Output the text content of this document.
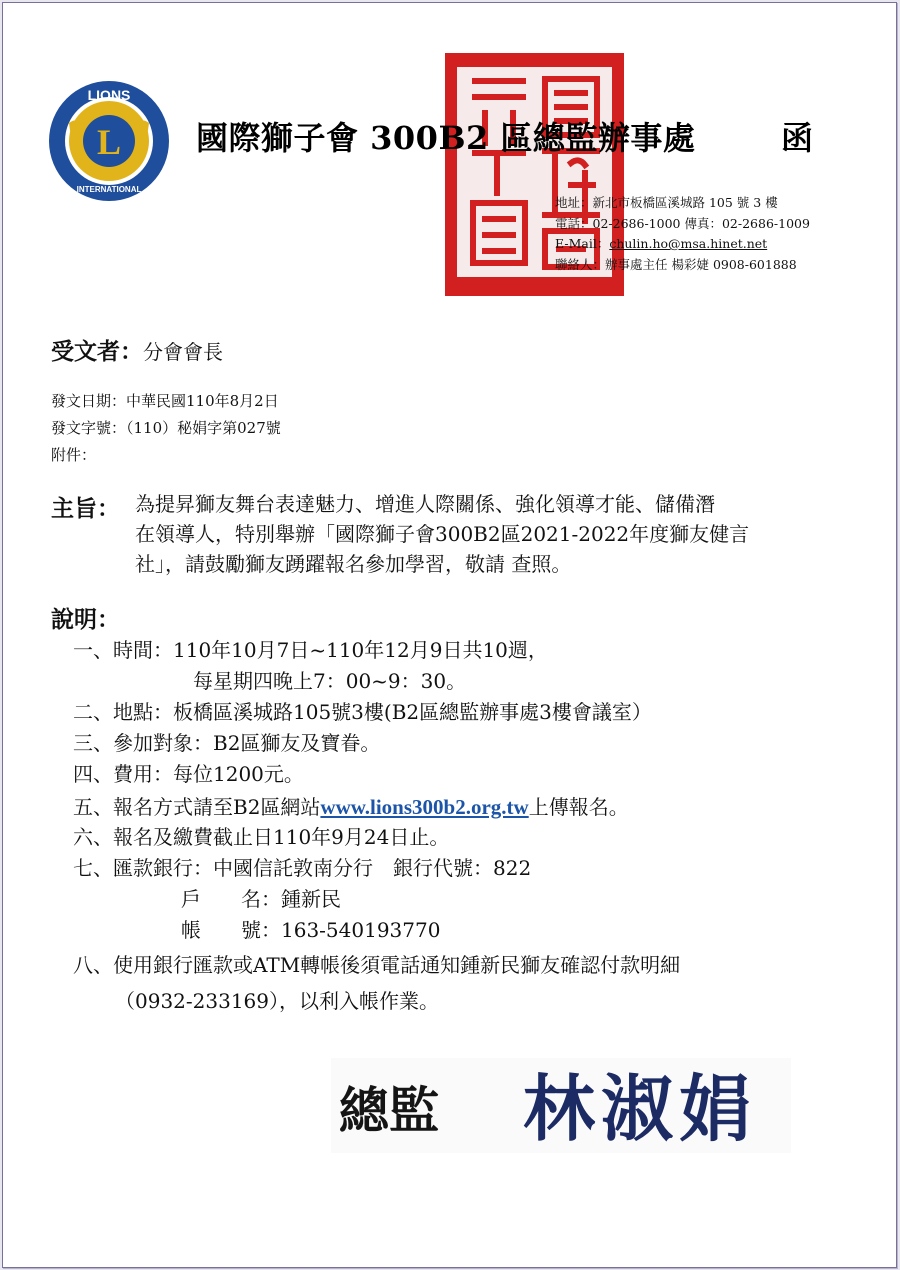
LIONS
INTERNATIONAL
L 國際獅子會 300B2 區總監辦事處	函
地址：新北市板橋區溪城路 105 號 3 樓
電話：02-2686-1000 傳真：02-2686-1009
E-Mail：chulin.ho@msa.hinet.net
聯絡人：辦事處主任 楊彩婕 0908-601888
受文者：分會會長
發文日期：中華民國110年8月2日
發文字號：（110）秘娟字第027號
附件：
主旨： 為提昇獅友舞台表達魅力、增進人際關係、強化領導才能、儲備潛
在領導人，特別舉辦「國際獅子會300B2區2021-2022年度獅友健言
社」，請鼓勵獅友踴躍報名參加學習，敬請 查照。
說明：
一、時間：110年10月7日~110年12月9日共10週，
每星期四晚上7：00~9：30。
二、地點：板橋區溪城路105號3樓(B2區總監辦事處3樓會議室）
三、參加對象：B2區獅友及寶眷。
四、費用：每位1200元。
五、報名方式請至B2區網站www.lions300b2.org.tw上傳報名。
六、報名及繳費截止日110年9月24日止。
七、匯款銀行：中國信託敦南分行　銀行代號：822
戶　　名：鍾新民
帳　　號：163-540193770
八、使用銀行匯款或ATM轉帳後須電話通知鍾新民獅友確認付款明細
（0932-233169），以利入帳作業。
總監 林淑娟
